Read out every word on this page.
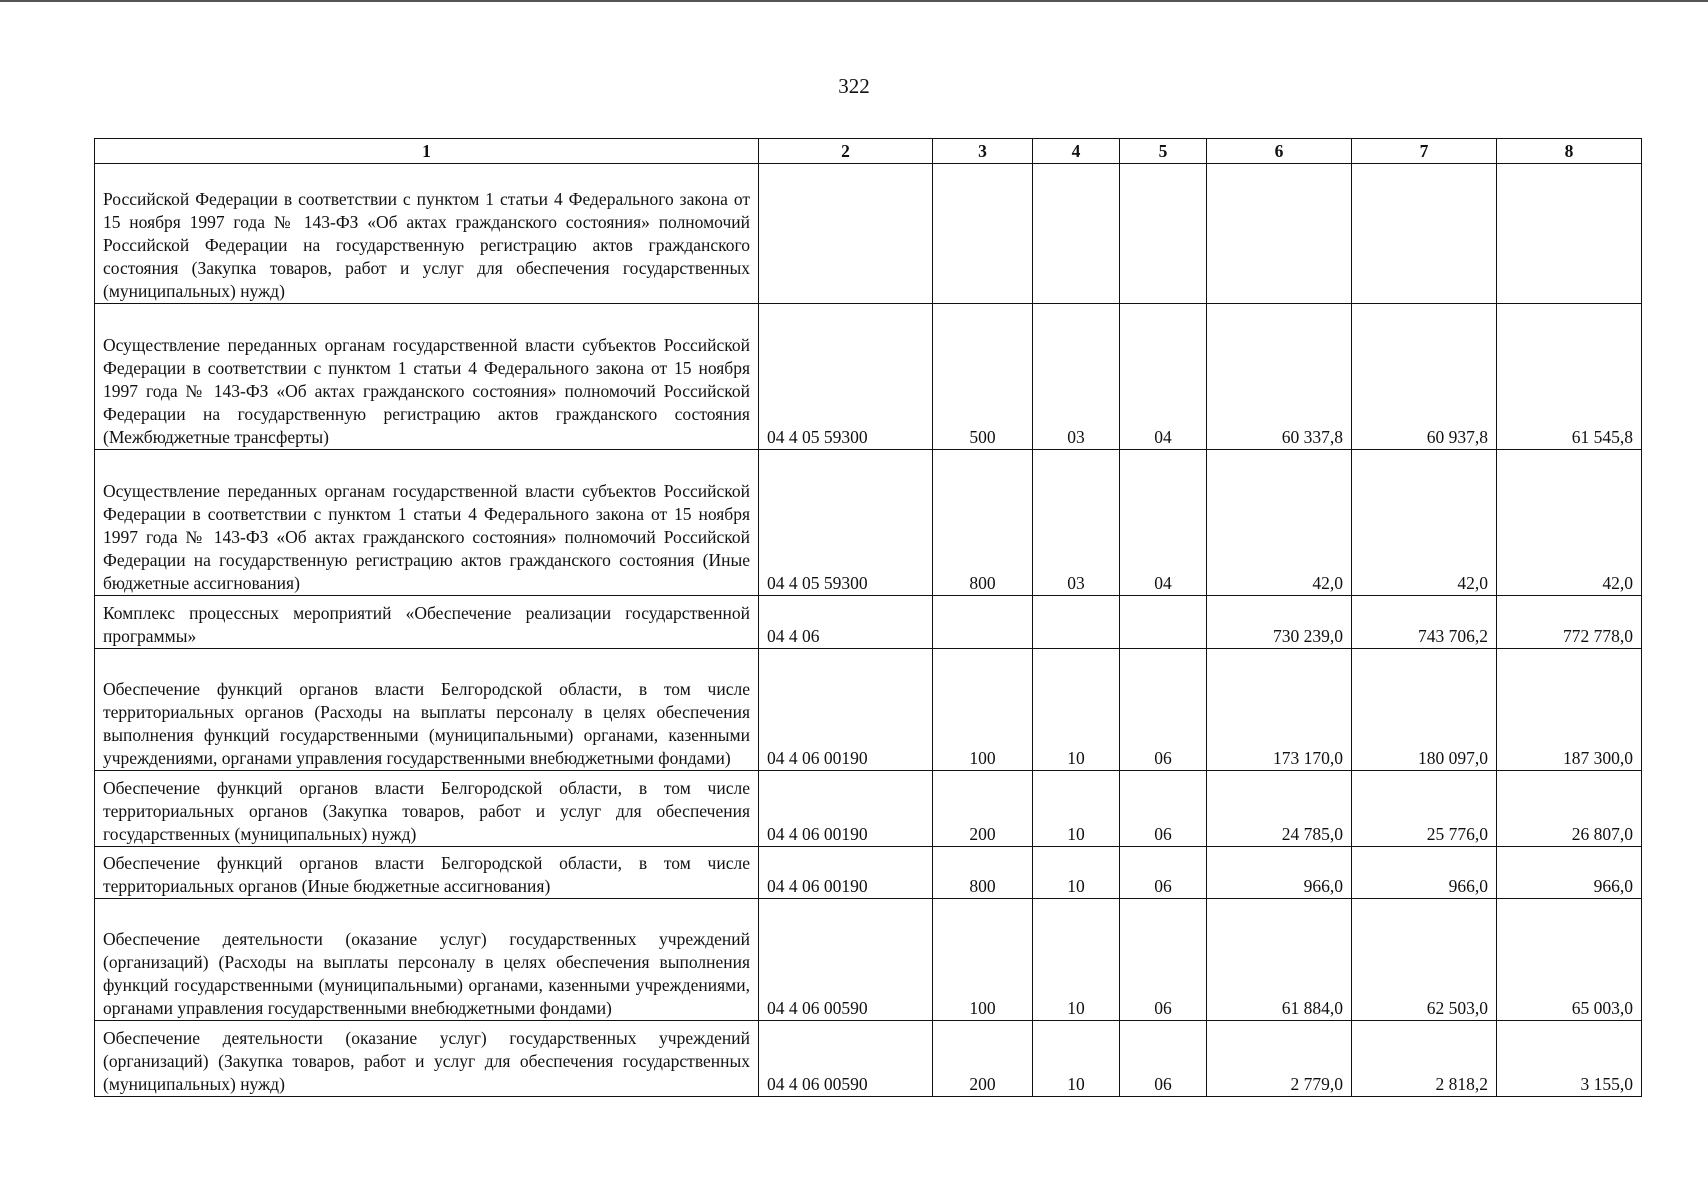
322
1	2	3	4	5	6	7	8
Российской Федерации в соответствии с пунктом 1 статьи 4 Федерального закона от 15 ноября 1997 года № 143-ФЗ «Об актах гражданского состояния» полномочий Российской Федерации на государственную регистрацию актов гражданского состояния (Закупка товаров, работ и услуг для обеспечения государственных (муниципальных) нужд)							
Осуществление переданных органам государственной власти субъектов Российской Федерации в соответствии с пунктом 1 статьи 4 Федерального закона от 15 ноября 1997 года № 143-ФЗ «Об актах гражданского состояния» полномочий Российской Федерации на государственную регистрацию актов гражданского состояния (Межбюджетные трансферты)	04 4 05 59300	500	03	04	60 337,8	60 937,8	61 545,8
Осуществление переданных органам государственной власти субъектов Российской Федерации в соответствии с пунктом 1 статьи 4 Федерального закона от 15 ноября 1997 года № 143-ФЗ «Об актах гражданского состояния» полномочий Российской Федерации на государственную регистрацию актов гражданского состояния (Иные бюджетные ассигнования)	04 4 05 59300	800	03	04	42,0	42,0	42,0
Комплекс процессных мероприятий «Обеспечение реализации государственной программы»	04 4 06				730 239,0	743 706,2	772 778,0
Обеспечение функций органов власти Белгородской области, в том числе территориальных органов (Расходы на выплаты персоналу в целях обеспечения выполнения функций государственными (муниципальными) органами, казенными учреждениями, органами управления государственными внебюджетными фондами)	04 4 06 00190	100	10	06	173 170,0	180 097,0	187 300,0
Обеспечение функций органов власти Белгородской области, в том числе территориальных органов (Закупка товаров, работ и услуг для обеспечения государственных (муниципальных) нужд)	04 4 06 00190	200	10	06	24 785,0	25 776,0	26 807,0
Обеспечение функций органов власти Белгородской области, в том числе территориальных органов (Иные бюджетные ассигнования)	04 4 06 00190	800	10	06	966,0	966,0	966,0
Обеспечение деятельности (оказание услуг) государственных учреждений (организаций) (Расходы на выплаты персоналу в целях обеспечения выполнения функций государственными (муниципальными) органами, казенными учреждениями, органами управления государственными внебюджетными фондами)	04 4 06 00590	100	10	06	61 884,0	62 503,0	65 003,0
Обеспечение деятельности (оказание услуг) государственных учреждений (организаций) (Закупка товаров, работ и услуг для обеспечения государственных (муниципальных) нужд)	04 4 06 00590	200	10	06	2 779,0	2 818,2	3 155,0
